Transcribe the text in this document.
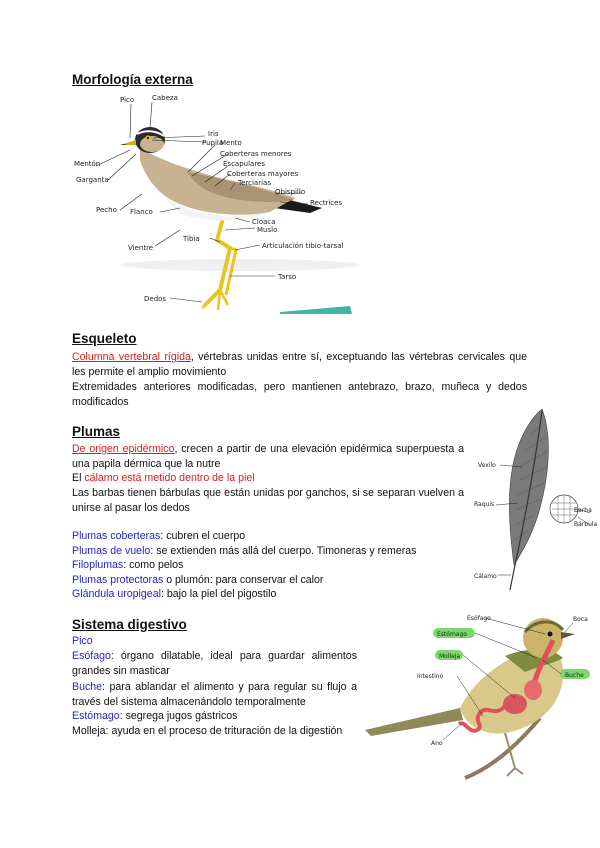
Morfología externa
Pico	Cabeza
Iris
Pupila
Mento
Coberteras menores
Escapulares
Coberteras mayores
Terciarias
Obispillo
Rectrices
Mentón
Garganta
Pecho Flanco
Cloaca
Muslo
Tibia
Articulación tibio-tarsal
Vientre
Tarso
Dedos
Esqueleto

Columna vertebral rígida, vértebras unidas entre sí, exceptuando las vértebras cervicales que les permite el amplio movimiento

Extremidades anteriores modificadas, pero mantienen antebrazo, brazo, muñeca y dedos modificados

Plumas

De origen epidérmico, crecen a partir de una elevación epidérmica superpuesta a una papila dérmica que la nutre

El cálamo está metido dentro de la piel

Las barbas tienen bárbulas que están unidas por ganchos, si se separan vuelven a unirse al pasar los dedos

Plumas coberteras: cubren el cuerpo

Plumas de vuelo: se extienden más allá del cuerpo. Timoneras y remeras

Filoplumas: como pelos

Plumas protectoras o plumón: para conservar el calor

Glándula uropigeal: bajo la piel del pigostilo

Vexilo
Raquis
Barba
Bárbula
Cálamo
Sistema digestivo

Pico

Esófago: órgano dilatable, ideal para guardar alimentos grandes sin masticar

Buche: para ablandar el alimento y para regular su flujo a través del sistema almacenándolo temporalmente

Estómago: segrega jugos gástricos

Molleja: ayuda en el proceso de trituración de la digestión

Esófago
Estómago
Molleja
Intestino
Boca
Buche
Ano
